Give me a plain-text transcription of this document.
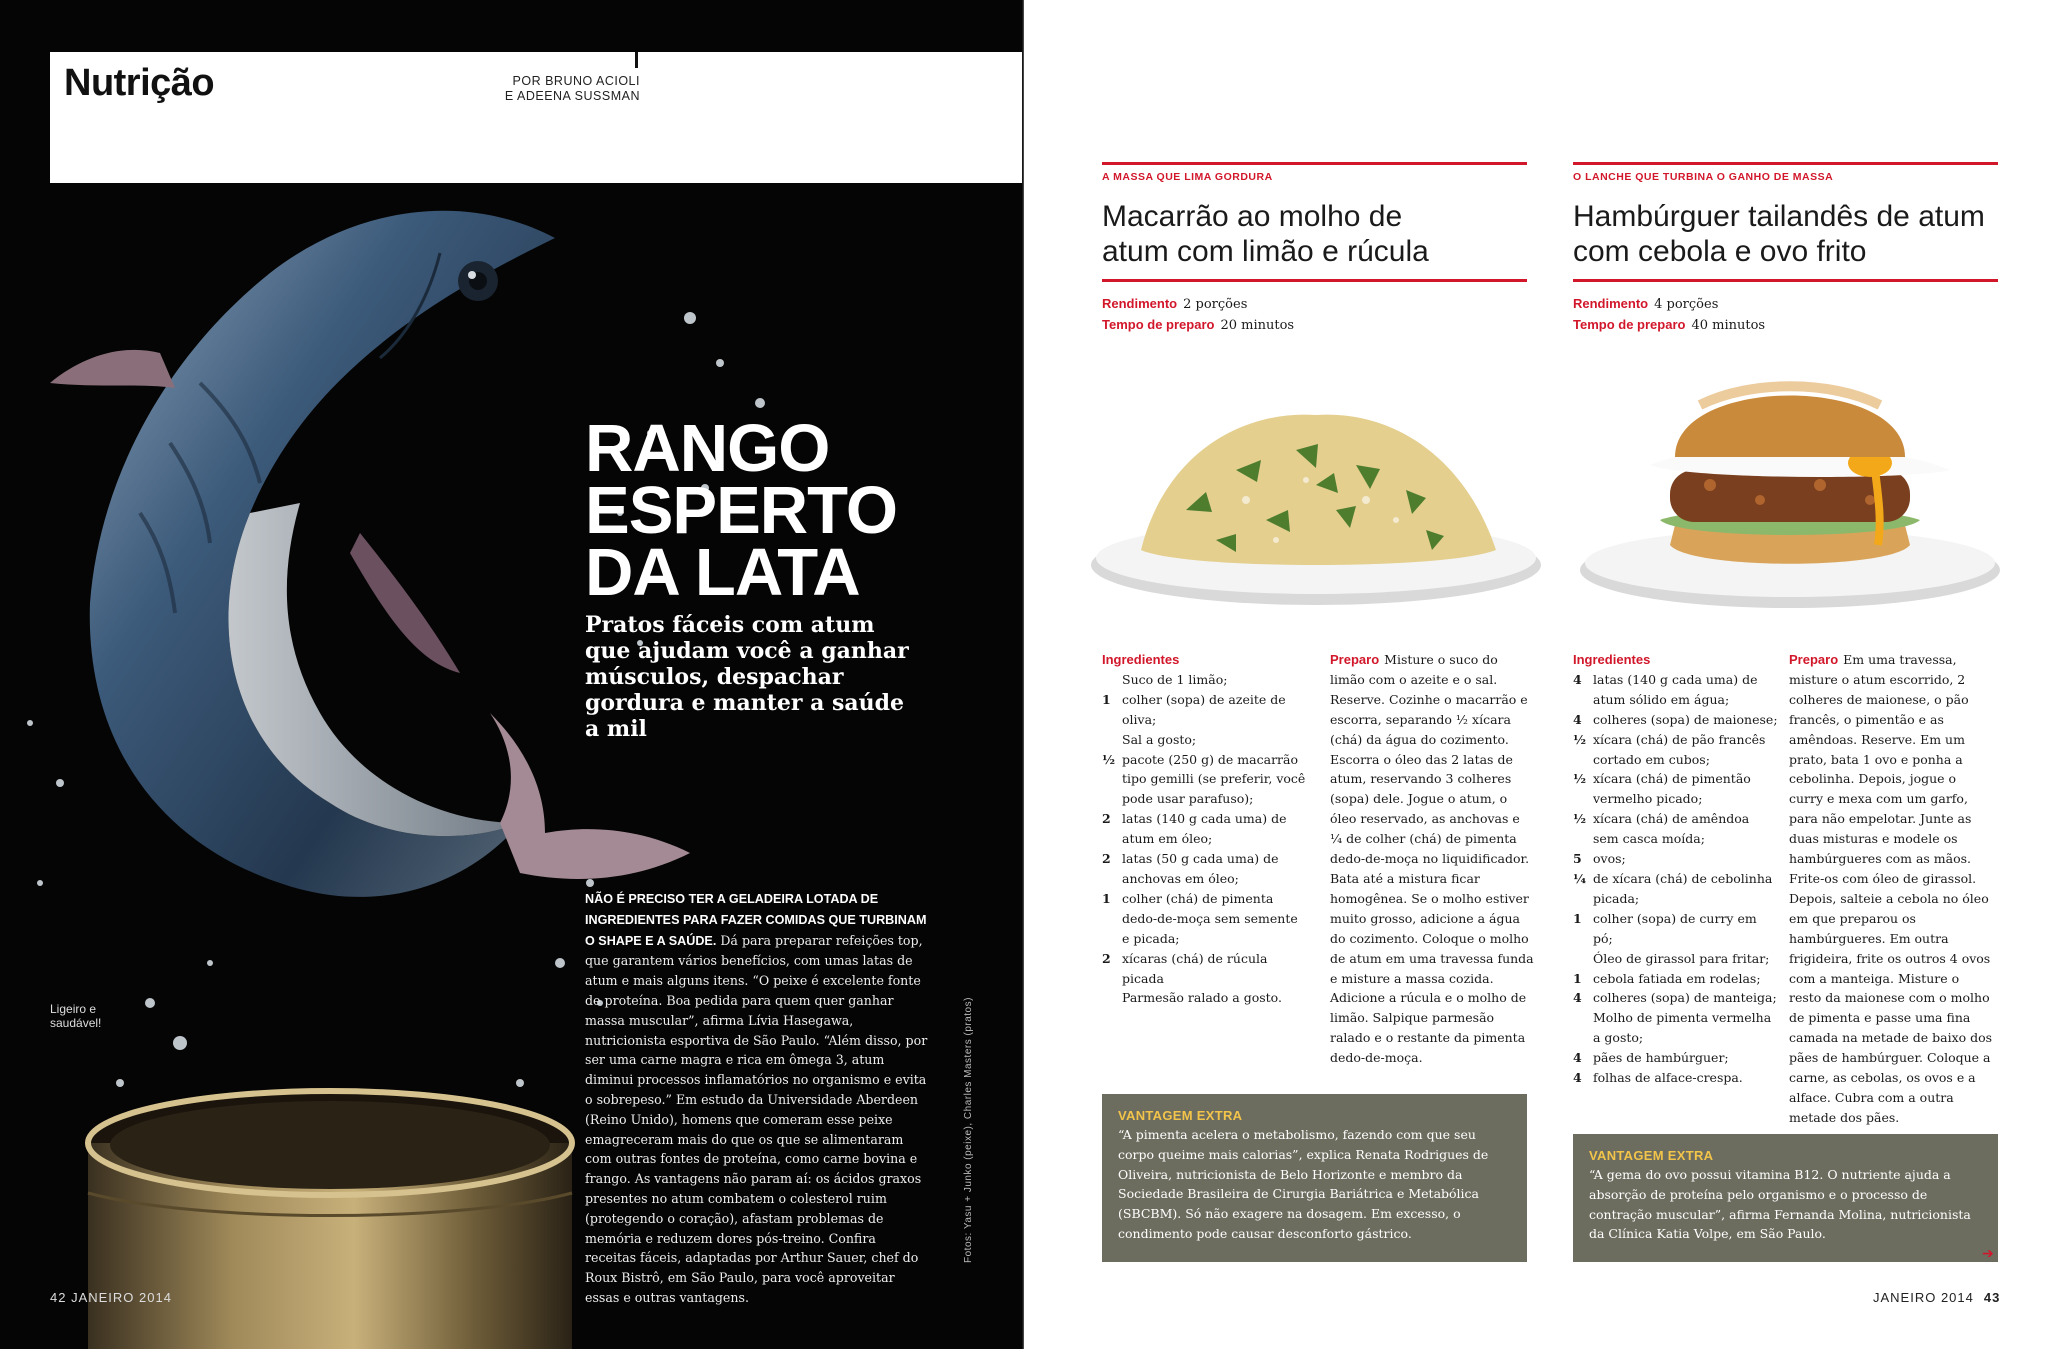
Nutrição	POR BRUNO ACIOLI
E ADEENA SUSSMAN
RANGO
ESPERTO
DA LATA
Pratos fáceis com atum que ajudam você a ganhar músculos, despachar gordura e manter a saúde a mil
NÃO É PRECISO TER A GELADEIRA LOTADA DE INGREDIENTES PARA FAZER COMIDAS QUE TURBINAM O SHAPE E A SAÚDE. Dá para preparar refeições top, que garantem vários benefícios, com umas latas de atum e mais alguns itens. “O peixe é excelente fonte de proteína. Boa pedida para quem quer ganhar massa muscular”, afirma Lívia Hasegawa, nutricionista esportiva de São Paulo. “Além disso, por ser uma carne magra e rica em ômega 3, atum diminui processos inflamatórios no organismo e evita o sobrepeso.” Em estudo da Universidade Aberdeen (Reino Unido), homens que comeram esse peixe emagreceram mais do que os que se alimentaram com outras fontes de proteína, como carne bovina e frango. As vantagens não param aí: os ácidos graxos presentes no atum combatem o colesterol ruim (protegendo o coração), afastam problemas de memória e reduzem dores pós-treino. Confira receitas fáceis, adaptadas por Arthur Sauer, chef do Roux Bistrô, em São Paulo, para você aproveitar essas e outras vantagens.
Ligeiro e saudável!	Fotos: Yasu + Junko (peixe), Charles Masters (pratos)
42 JANEIRO 2014
A MASSA QUE LIMA GORDURA
Macarrão ao molho de
atum com limão e rúcula
Rendimento 2 porções
Tempo de preparo 20 minutos
Ingredientes
Suco de 1 limão;
1 colher (sopa) de azeite de oliva;
Sal a gosto;
½ pacote (250 g) de macarrão tipo gemilli (se preferir, você pode usar parafuso);
2 latas (140 g cada uma) de atum em óleo;
2 latas (50 g cada uma) de anchovas em óleo;
1 colher (chá) de pimenta dedo-de-moça sem semente e picada;
2 xícaras (chá) de rúcula picada
Parmesão ralado a gosto.
Preparo Misture o suco do limão com o azeite e o sal. Reserve. Cozinhe o macarrão e escorra, separando ½ xícara (chá) da água do cozimento. Escorra o óleo das 2 latas de atum, reservando 3 colheres (sopa) dele. Jogue o atum, o óleo reservado, as anchovas e ¼ de colher (chá) de pimenta dedo-de-moça no liquidificador. Bata até a mistura ficar homogênea. Se o molho estiver muito grosso, adicione a água do cozimento. Coloque o molho de atum em uma travessa funda e misture a massa cozida. Adicione a rúcula e o molho de limão. Salpique parmesão ralado e o restante da pimenta dedo-de-moça.
VANTAGEM EXTRA
“A pimenta acelera o metabolismo, fazendo com que seu corpo queime mais calorias”, explica Renata Rodrigues de Oliveira, nutricionista de Belo Horizonte e membro da Sociedade Brasileira de Cirurgia Bariátrica e Metabólica (SBCBM). Só não exagere na dosagem. Em excesso, o condimento pode causar desconforto gástrico.
O LANCHE QUE TURBINA O GANHO DE MASSA
Hambúrguer tailandês de atum
com cebola e ovo frito
Rendimento 4 porções
Tempo de preparo 40 minutos
Ingredientes
4 latas (140 g cada uma) de atum sólido em água;
4 colheres (sopa) de maionese;
½ xícara (chá) de pão francês cortado em cubos;
½ xícara (chá) de pimentão vermelho picado;
½ xícara (chá) de amêndoa sem casca moída;
5 ovos;
¼ de xícara (chá) de cebolinha picada;
1 colher (sopa) de curry em pó;
Óleo de girassol para fritar;
1 cebola fatiada em rodelas;
4 colheres (sopa) de manteiga;
Molho de pimenta vermelha a gosto;
4 pães de hambúrguer;
4 folhas de alface-crespa.
Preparo Em uma travessa, misture o atum escorrido, 2 colheres de maionese, o pão francês, o pimentão e as amêndoas. Reserve. Em um prato, bata 1 ovo e ponha a cebolinha. Depois, jogue o curry e mexa com um garfo, para não empelotar. Junte as duas misturas e modele os hambúrgueres com as mãos. Frite-os com óleo de girassol. Depois, salteie a cebola no óleo em que preparou os hambúrgueres. Em outra frigideira, frite os outros 4 ovos com a manteiga. Misture o resto da maionese com o molho de pimenta e passe uma fina camada na metade de baixo dos pães de hambúrguer. Coloque a carne, as cebolas, os ovos e a alface. Cubra com a outra metade dos pães.
VANTAGEM EXTRA
“A gema do ovo possui vitamina B12. O nutriente ajuda a absorção de proteína pelo organismo e o processo de contração muscular”, afirma Fernanda Molina, nutricionista da Clínica Katia Volpe, em São Paulo.
➔
JANEIRO 2014 43
